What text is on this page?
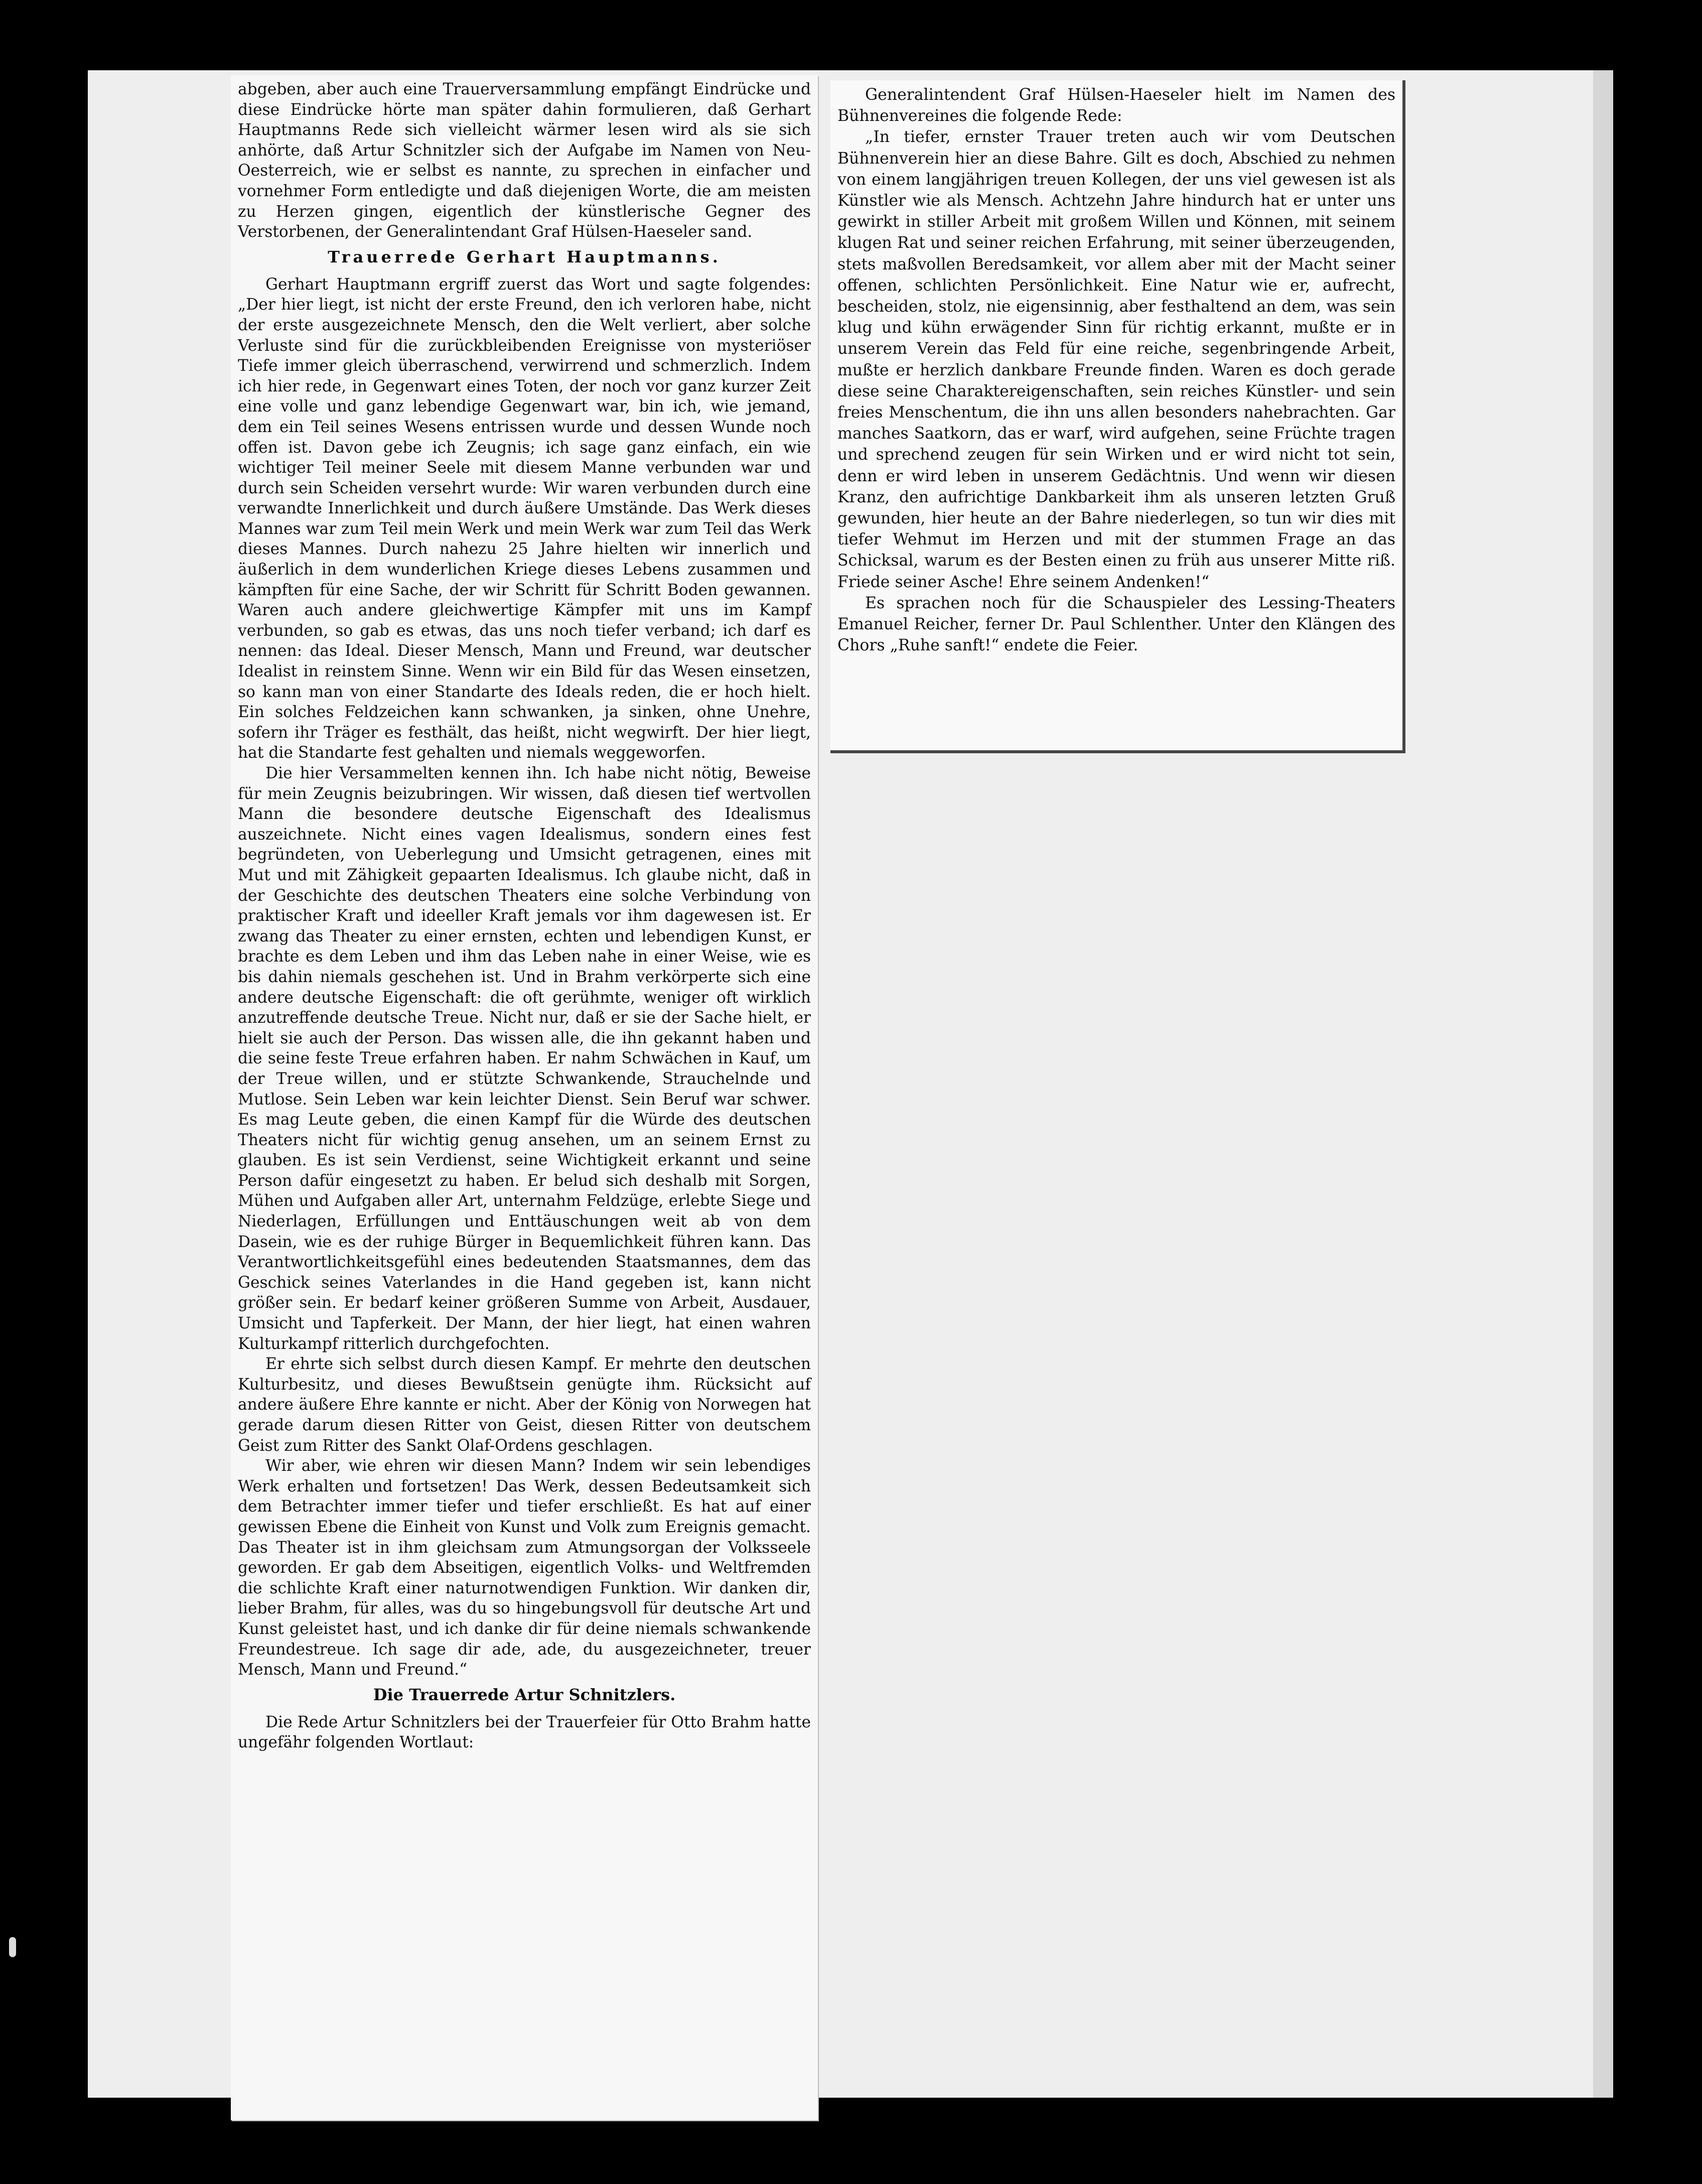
abgeben, aber auch eine Trauerversammlung empfängt Eindrücke und diese Eindrücke hörte man später dahin formulieren, daß Gerhart Hauptmanns Rede sich vielleicht wärmer lesen wird als sie sich anhörte, daß Artur Schnitzler sich der Aufgabe im Namen von Neu-Oesterreich, wie er selbst es nannte, zu sprechen in einfacher und vornehmer Form entledigte und daß diejenigen Worte, die am meisten zu Herzen gingen, eigentlich der künstlerische Gegner des Verstorbenen, der Generalintendant Graf Hülsen-Haeseler sand.

Trauerrede Gerhart Hauptmanns.

Gerhart Hauptmann ergriff zuerst das Wort und sagte folgendes: „Der hier liegt, ist nicht der erste Freund, den ich verloren habe, nicht der erste ausgezeichnete Mensch, den die Welt verliert, aber solche Verluste sind für die zurückbleibenden Ereignisse von mysteriöser Tiefe immer gleich überraschend, verwirrend und schmerzlich. Indem ich hier rede, in Gegenwart eines Toten, der noch vor ganz kurzer Zeit eine volle und ganz lebendige Gegenwart war, bin ich, wie jemand, dem ein Teil seines Wesens entrissen wurde und dessen Wunde noch offen ist. Davon gebe ich Zeugnis; ich sage ganz einfach, ein wie wichtiger Teil meiner Seele mit diesem Manne verbunden war und durch sein Scheiden versehrt wurde: Wir waren verbunden durch eine verwandte Innerlichkeit und durch äußere Umstände. Das Werk dieses Mannes war zum Teil mein Werk und mein Werk war zum Teil das Werk dieses Mannes. Durch nahezu 25 Jahre hielten wir innerlich und äußerlich in dem wunderlichen Kriege dieses Lebens zusammen und kämpften für eine Sache, der wir Schritt für Schritt Boden gewannen. Waren auch andere gleichwertige Kämpfer mit uns im Kampf verbunden, so gab es etwas, das uns noch tiefer verband; ich darf es nennen: das Ideal. Dieser Mensch, Mann und Freund, war deutscher Idealist in reinstem Sinne. Wenn wir ein Bild für das Wesen einsetzen, so kann man von einer Standarte des Ideals reden, die er hoch hielt. Ein solches Feldzeichen kann schwanken, ja sinken, ohne Unehre, sofern ihr Träger es festhält, das heißt, nicht wegwirft. Der hier liegt, hat die Standarte fest gehalten und niemals weggeworfen.

Die hier Versammelten kennen ihn. Ich habe nicht nötig, Beweise für mein Zeugnis beizubringen. Wir wissen, daß diesen tief wertvollen Mann die besondere deutsche Eigenschaft des Idealismus auszeichnete. Nicht eines vagen Idealismus, sondern eines fest begründeten, von Ueberlegung und Umsicht getragenen, eines mit Mut und mit Zähigkeit gepaarten Idealismus. Ich glaube nicht, daß in der Geschichte des deutschen Theaters eine solche Verbindung von praktischer Kraft und ideeller Kraft jemals vor ihm dagewesen ist. Er zwang das Theater zu einer ernsten, echten und lebendigen Kunst, er brachte es dem Leben und ihm das Leben nahe in einer Weise, wie es bis dahin niemals geschehen ist. Und in Brahm verkörperte sich eine andere deutsche Eigenschaft: die oft gerühmte, weniger oft wirklich anzutreffende deutsche Treue. Nicht nur, daß er sie der Sache hielt, er hielt sie auch der Person. Das wissen alle, die ihn gekannt haben und die seine feste Treue erfahren haben. Er nahm Schwächen in Kauf, um der Treue willen, und er stützte Schwankende, Strauchelnde und Mutlose. Sein Leben war kein leichter Dienst. Sein Beruf war schwer. Es mag Leute geben, die einen Kampf für die Würde des deutschen Theaters nicht für wichtig genug ansehen, um an seinem Ernst zu glauben. Es ist sein Verdienst, seine Wichtigkeit erkannt und seine Person dafür eingesetzt zu haben. Er belud sich deshalb mit Sorgen, Mühen und Aufgaben aller Art, unternahm Feldzüge, erlebte Siege und Niederlagen, Erfüllungen und Enttäuschungen weit ab von dem Dasein, wie es der ruhige Bürger in Bequemlichkeit führen kann. Das Verantwortlichkeitsgefühl eines bedeutenden Staatsmannes, dem das Geschick seines Vaterlandes in die Hand gegeben ist, kann nicht größer sein. Er bedarf keiner größeren Summe von Arbeit, Ausdauer, Umsicht und Tapferkeit. Der Mann, der hier liegt, hat einen wahren Kulturkampf ritterlich durchgefochten.

Er ehrte sich selbst durch diesen Kampf. Er mehrte den deutschen Kulturbesitz, und dieses Bewußtsein genügte ihm. Rücksicht auf andere äußere Ehre kannte er nicht. Aber der König von Norwegen hat gerade darum diesen Ritter von Geist, diesen Ritter von deutschem Geist zum Ritter des Sankt Olaf-Ordens geschlagen.

Wir aber, wie ehren wir diesen Mann? Indem wir sein lebendiges Werk erhalten und fortsetzen! Das Werk, dessen Bedeutsamkeit sich dem Betrachter immer tiefer und tiefer erschließt. Es hat auf einer gewissen Ebene die Einheit von Kunst und Volk zum Ereignis gemacht. Das Theater ist in ihm gleichsam zum Atmungsorgan der Volksseele geworden. Er gab dem Abseitigen, eigentlich Volks- und Weltfremden die schlichte Kraft einer naturnotwendigen Funktion. Wir danken dir, lieber Brahm, für alles, was du so hingebungsvoll für deutsche Art und Kunst geleistet hast, und ich danke dir für deine niemals schwankende Freundestreue. Ich sage dir ade, ade, du ausgezeichneter, treuer Mensch, Mann und Freund.“

Die Trauerrede Artur Schnitzlers.

Die Rede Artur Schnitzlers bei der Trauerfeier für Otto Brahm hatte ungefähr folgenden Wortlaut:

Generalintendent Graf Hülsen-Haeseler hielt im Namen des Bühnenvereines die folgende Rede:

„In tiefer, ernster Trauer treten auch wir vom Deutschen Bühnenverein hier an diese Bahre. Gilt es doch, Abschied zu nehmen von einem langjährigen treuen Kollegen, der uns viel gewesen ist als Künstler wie als Mensch. Achtzehn Jahre hindurch hat er unter uns gewirkt in stiller Arbeit mit großem Willen und Können, mit seinem klugen Rat und seiner reichen Erfahrung, mit seiner überzeugenden, stets maßvollen Beredsamkeit, vor allem aber mit der Macht seiner offenen, schlichten Persönlichkeit. Eine Natur wie er, aufrecht, bescheiden, stolz, nie eigensinnig, aber festhaltend an dem, was sein klug und kühn erwägender Sinn für richtig erkannt, mußte er in unserem Verein das Feld für eine reiche, segenbringende Arbeit, mußte er herzlich dankbare Freunde finden. Waren es doch gerade diese seine Charaktereigenschaften, sein reiches Künstler- und sein freies Menschentum, die ihn uns allen besonders nahebrachten. Gar manches Saatkorn, das er warf, wird aufgehen, seine Früchte tragen und sprechend zeugen für sein Wirken und er wird nicht tot sein, denn er wird leben in unserem Gedächtnis. Und wenn wir diesen Kranz, den aufrichtige Dankbarkeit ihm als unseren letzten Gruß gewunden, hier heute an der Bahre niederlegen, so tun wir dies mit tiefer Wehmut im Herzen und mit der stummen Frage an das Schicksal, warum es der Besten einen zu früh aus unserer Mitte riß. Friede seiner Asche! Ehre seinem Andenken!“

Es sprachen noch für die Schauspieler des Lessing-Theaters Emanuel Reicher, ferner Dr. Paul Schlenther. Unter den Klängen des Chors „Ruhe sanft!“ endete die Feier.
